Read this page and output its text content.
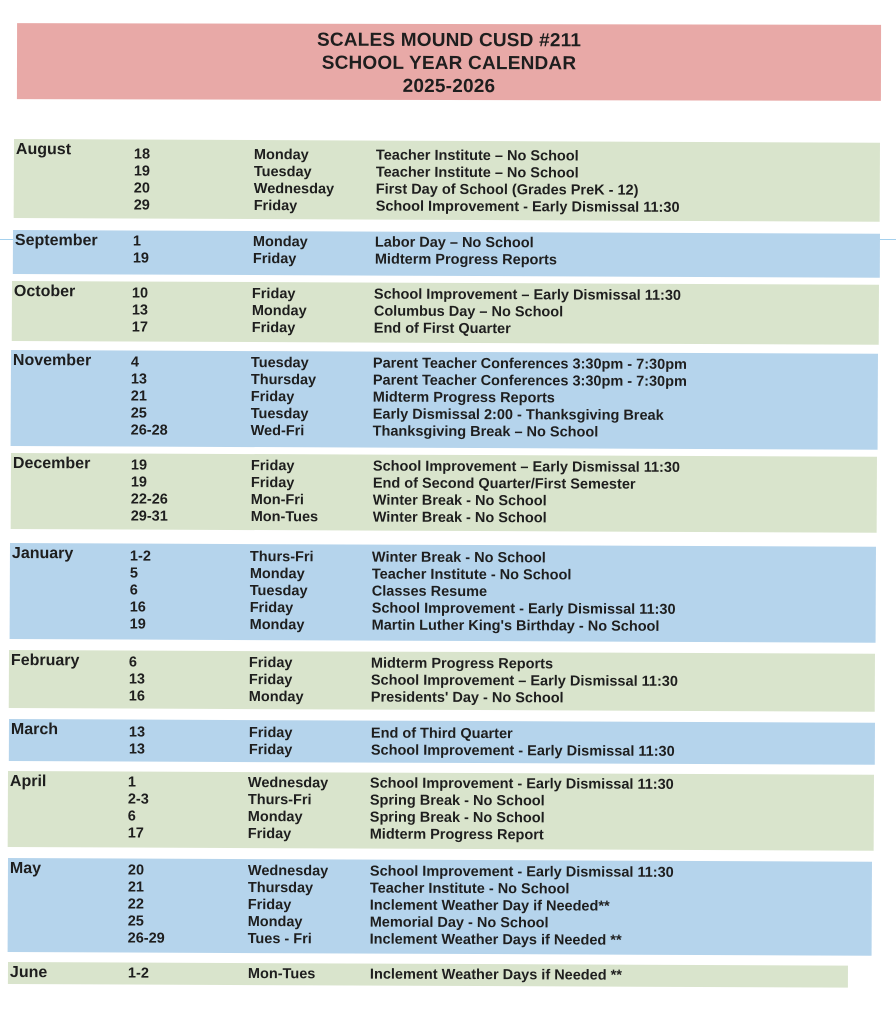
SCALES MOUND CUSD #211
SCHOOL YEAR CALENDAR
2025-2026
August	18	Monday	Teacher Institute – No School
19	Tuesday	Teacher Institute – No School
20	Wednesday	First Day of School (Grades PreK - 12)
29	Friday	School Improvement - Early Dismissal 11:30
September 1	Monday	Labor Day – No School
19	Friday	Midterm Progress Reports
October	10	Friday	School Improvement – Early Dismissal 11:30
13	Monday	Columbus Day – No School
17	Friday	End of First Quarter
November	4	Tuesday	Parent Teacher Conferences 3:30pm - 7:30pm
13	Thursday	Parent Teacher Conferences 3:30pm - 7:30pm
21	Friday	Midterm Progress Reports
25	Tuesday	Early Dismissal 2:00 - Thanksgiving Break
26-28	Wed-Fri	Thanksgiving Break – No School
December	19	Friday	School Improvement – Early Dismissal 11:30
19	Friday	End of Second Quarter/First Semester
22-26	Mon-Fri	Winter Break - No School
29-31	Mon-Tues	Winter Break - No School
January	1-2	Thurs-Fri	Winter Break - No School
5	Monday	Teacher Institute - No School
6	Tuesday	Classes Resume
16	Friday	School Improvement - Early Dismissal 11:30
19	Monday	Martin Luther King's Birthday - No School
February	6	Friday	Midterm Progress Reports
13	Friday	School Improvement – Early Dismissal 11:30
16	Monday	Presidents' Day - No School
March	13	Friday	End of Third Quarter
13	Friday	School Improvement - Early Dismissal 11:30
April	1	Wednesday	School Improvement - Early Dismissal 11:30
2-3	Thurs-Fri	Spring Break - No School
6	Monday	Spring Break - No School
17	Friday	Midterm Progress Report
May	20	Wednesday	School Improvement - Early Dismissal 11:30
21	Thursday	Teacher Institute - No School
22	Friday	Inclement Weather Day if Needed**
25	Monday	Memorial Day - No School
26-29	Tues - Fri	Inclement Weather Days if Needed **
June	1-2	Mon-Tues	Inclement Weather Days if Needed **
